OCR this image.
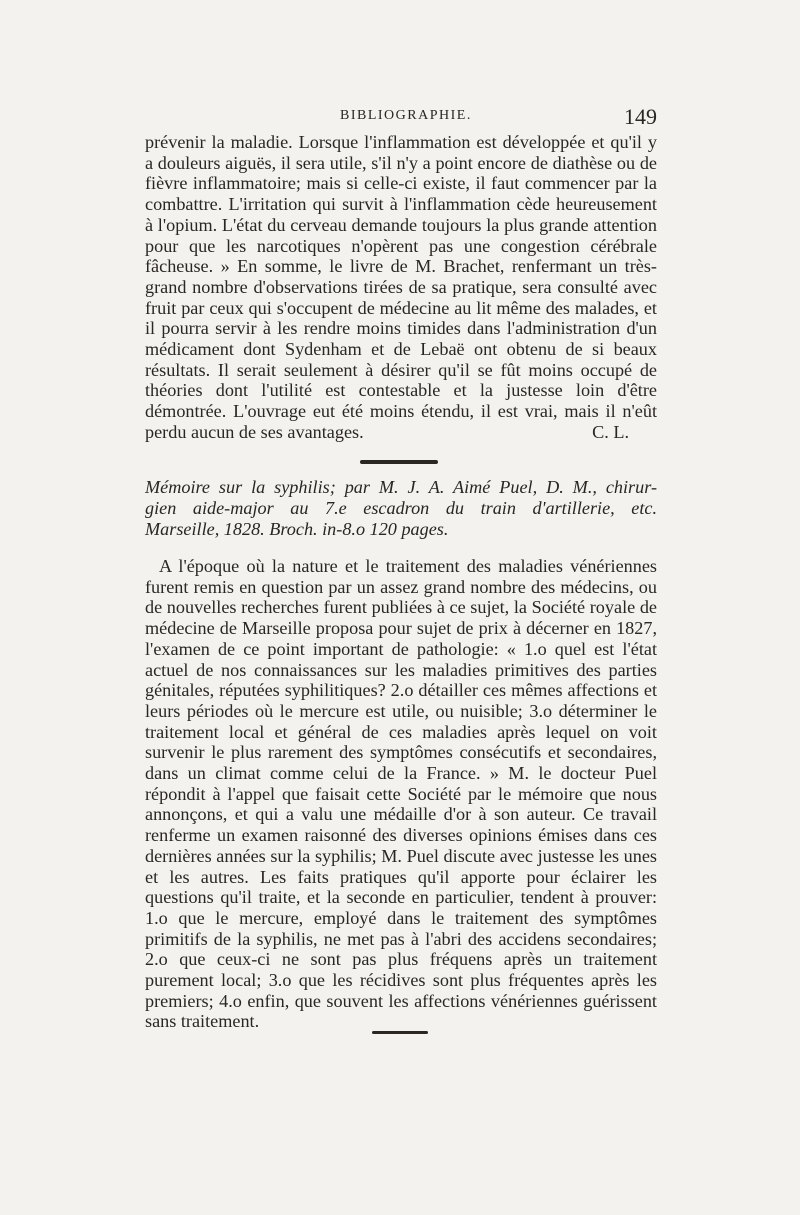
BIBLIOGRAPHIE.	149

prévenir la maladie. Lorsque l'inflammation est développée et qu'il y a douleurs aiguës, il sera utile, s'il n'y a point encore de diathèse ou de fièvre inflammatoire; mais si celle-ci existe, il faut commencer par la combattre. L'irritation qui survit à l'inflammation cède heureusement à l'opium. L'état du cerveau demande toujours la plus grande attention pour que les narcotiques n'opèrent pas une congestion cérébrale fâcheuse. » En somme, le livre de M. Brachet, renfermant un très-grand nombre d'observations tirées de sa pratique, sera consulté avec fruit par ceux qui s'occupent de médecine au lit même des malades, et il pourra servir à les rendre moins timides dans l'administration d'un médicament dont Sydenham et de Lebaë ont obtenu de si beaux résultats. Il serait seulement à désirer qu'il se fût moins occupé de théories dont l'utilité est contestable et la justesse loin d'être démontrée. L'ouvrage eut été moins étendu, il est vrai, mais il n'eût perdu aucun de ses avantages.	C. L.

Mémoire sur la syphilis; par M. J. A. Aimé Puel, D. M., chirur-
gien aide-major au 7.e escadron du train d'artillerie, etc.
Marseille, 1828. Broch. in-8.o 120 pages.

A l'époque où la nature et le traitement des maladies vénériennes furent remis en question par un assez grand nombre des médecins, ou de nouvelles recherches furent publiées à ce sujet, la Société royale de médecine de Marseille proposa pour sujet de prix à décerner en 1827, l'examen de ce point important de pathologie: « 1.o quel est l'état actuel de nos connaissances sur les maladies primitives des parties génitales, réputées syphilitiques? 2.o détailler ces mêmes affections et leurs périodes où le mercure est utile, ou nuisible; 3.o déterminer le traitement local et général de ces maladies après lequel on voit survenir le plus rarement des symptômes consécutifs et secondaires, dans un climat comme celui de la France. » M. le docteur Puel répondit à l'appel que faisait cette Société par le mémoire que nous annonçons, et qui a valu une médaille d'or à son auteur. Ce travail renferme un examen raisonné des diverses opinions émises dans ces dernières années sur la syphilis; M. Puel discute avec justesse les unes et les autres. Les faits pratiques qu'il apporte pour éclairer les questions qu'il traite, et la seconde en particulier, tendent à prouver: 1.o que le mercure, employé dans le traitement des symptômes primitifs de la syphilis, ne met pas à l'abri des accidens secondaires; 2.o que ceux-ci ne sont pas plus fréquens après un traitement purement local; 3.o que les récidives sont plus fréquentes après les premiers; 4.o enfin, que souvent les affections vénériennes guérissent sans traitement.
